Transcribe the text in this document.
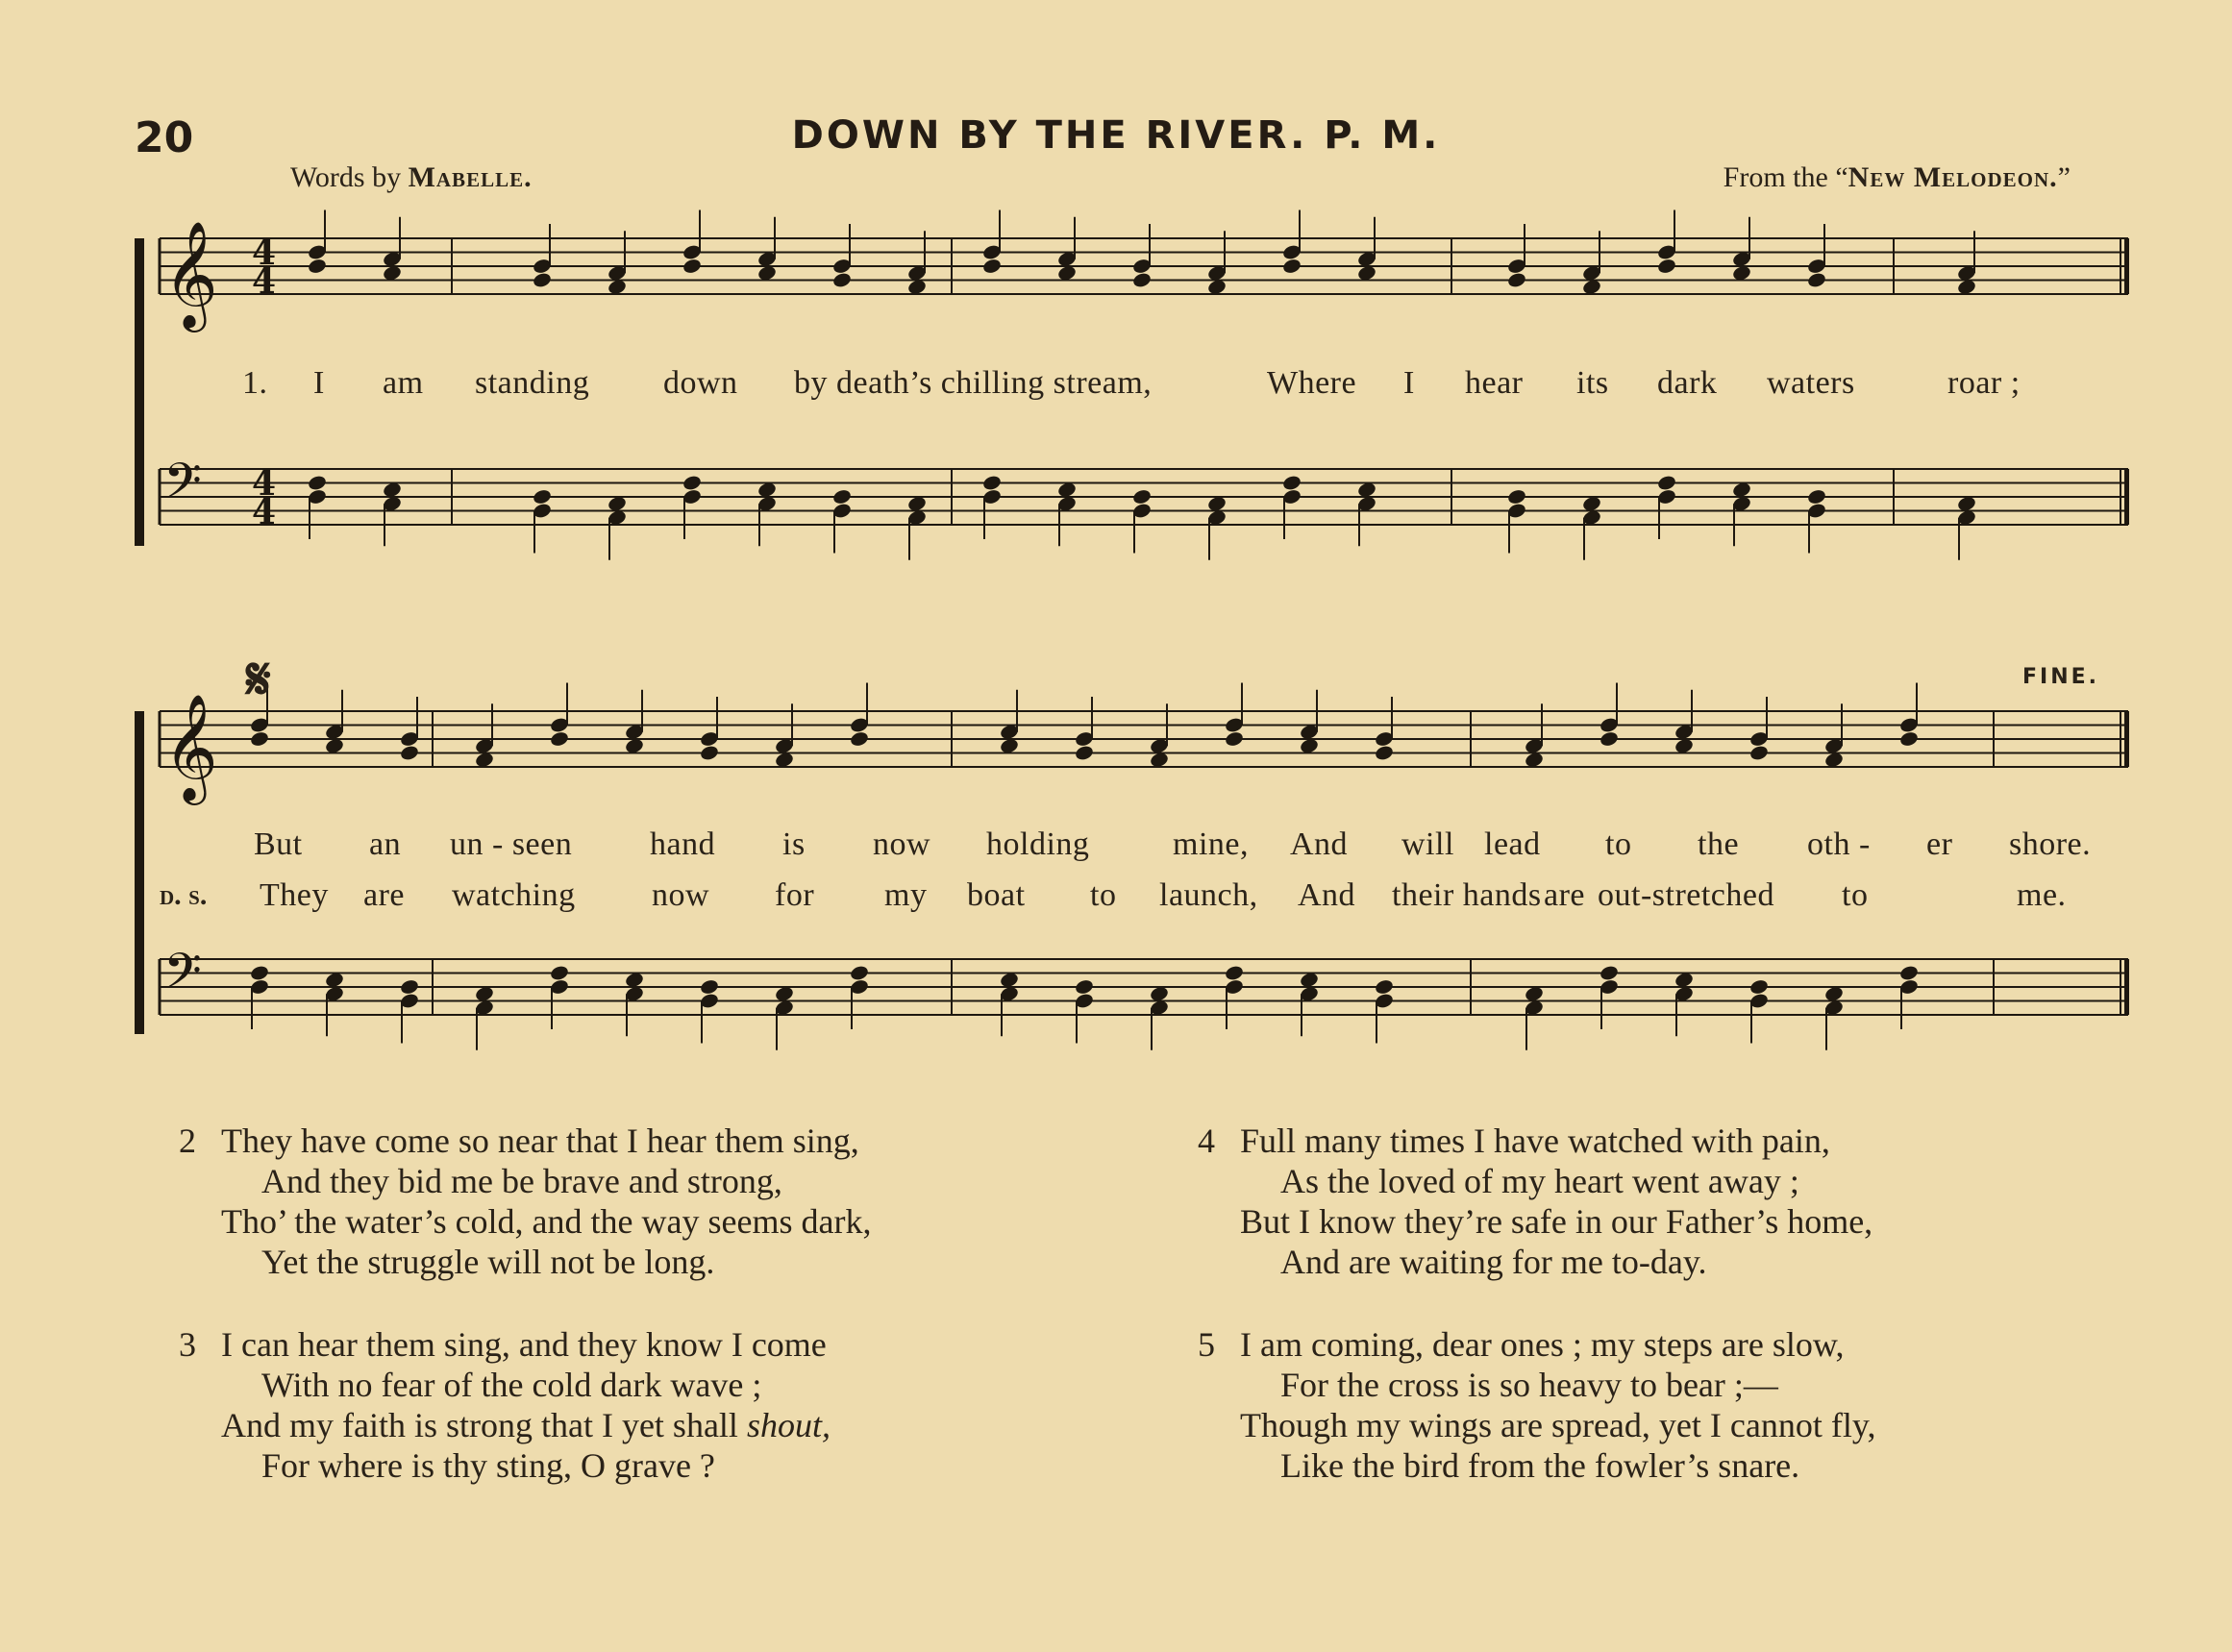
20	DOWN BY THE RIVER. P. M.
Words by Mabelle.	From the “New Melodeon.”
𝄞 4
4
𝄢 4
4
𝄞
𝄢
𝄋	FINE.
1. I am standing down by death’s chilling stream,	Where I hear its dark waters	roar ;
But an un - seen hand is now holding	mine, And will lead to the oth - er shore.
d. s. They are watching now for my boat to launch, And their hands are out-stretched to	me.
2 They have come so near that I hear them sing,
And they bid me be brave and strong,
Tho’ the water’s cold, and the way seems dark,
Yet the struggle will not be long.
4 Full many times I have watched with pain,
As the loved of my heart went away ;
But I know they’re safe in our Father’s home,
And are waiting for me to-day.
3 I can hear them sing, and they know I come
With no fear of the cold dark wave ;
And my faith is strong that I yet shall shout,
For where is thy sting, O grave ?
5 I am coming, dear ones ; my steps are slow,
For the cross is so heavy to bear ;—
Though my wings are spread, yet I cannot fly,
Like the bird from the fowler’s snare.
